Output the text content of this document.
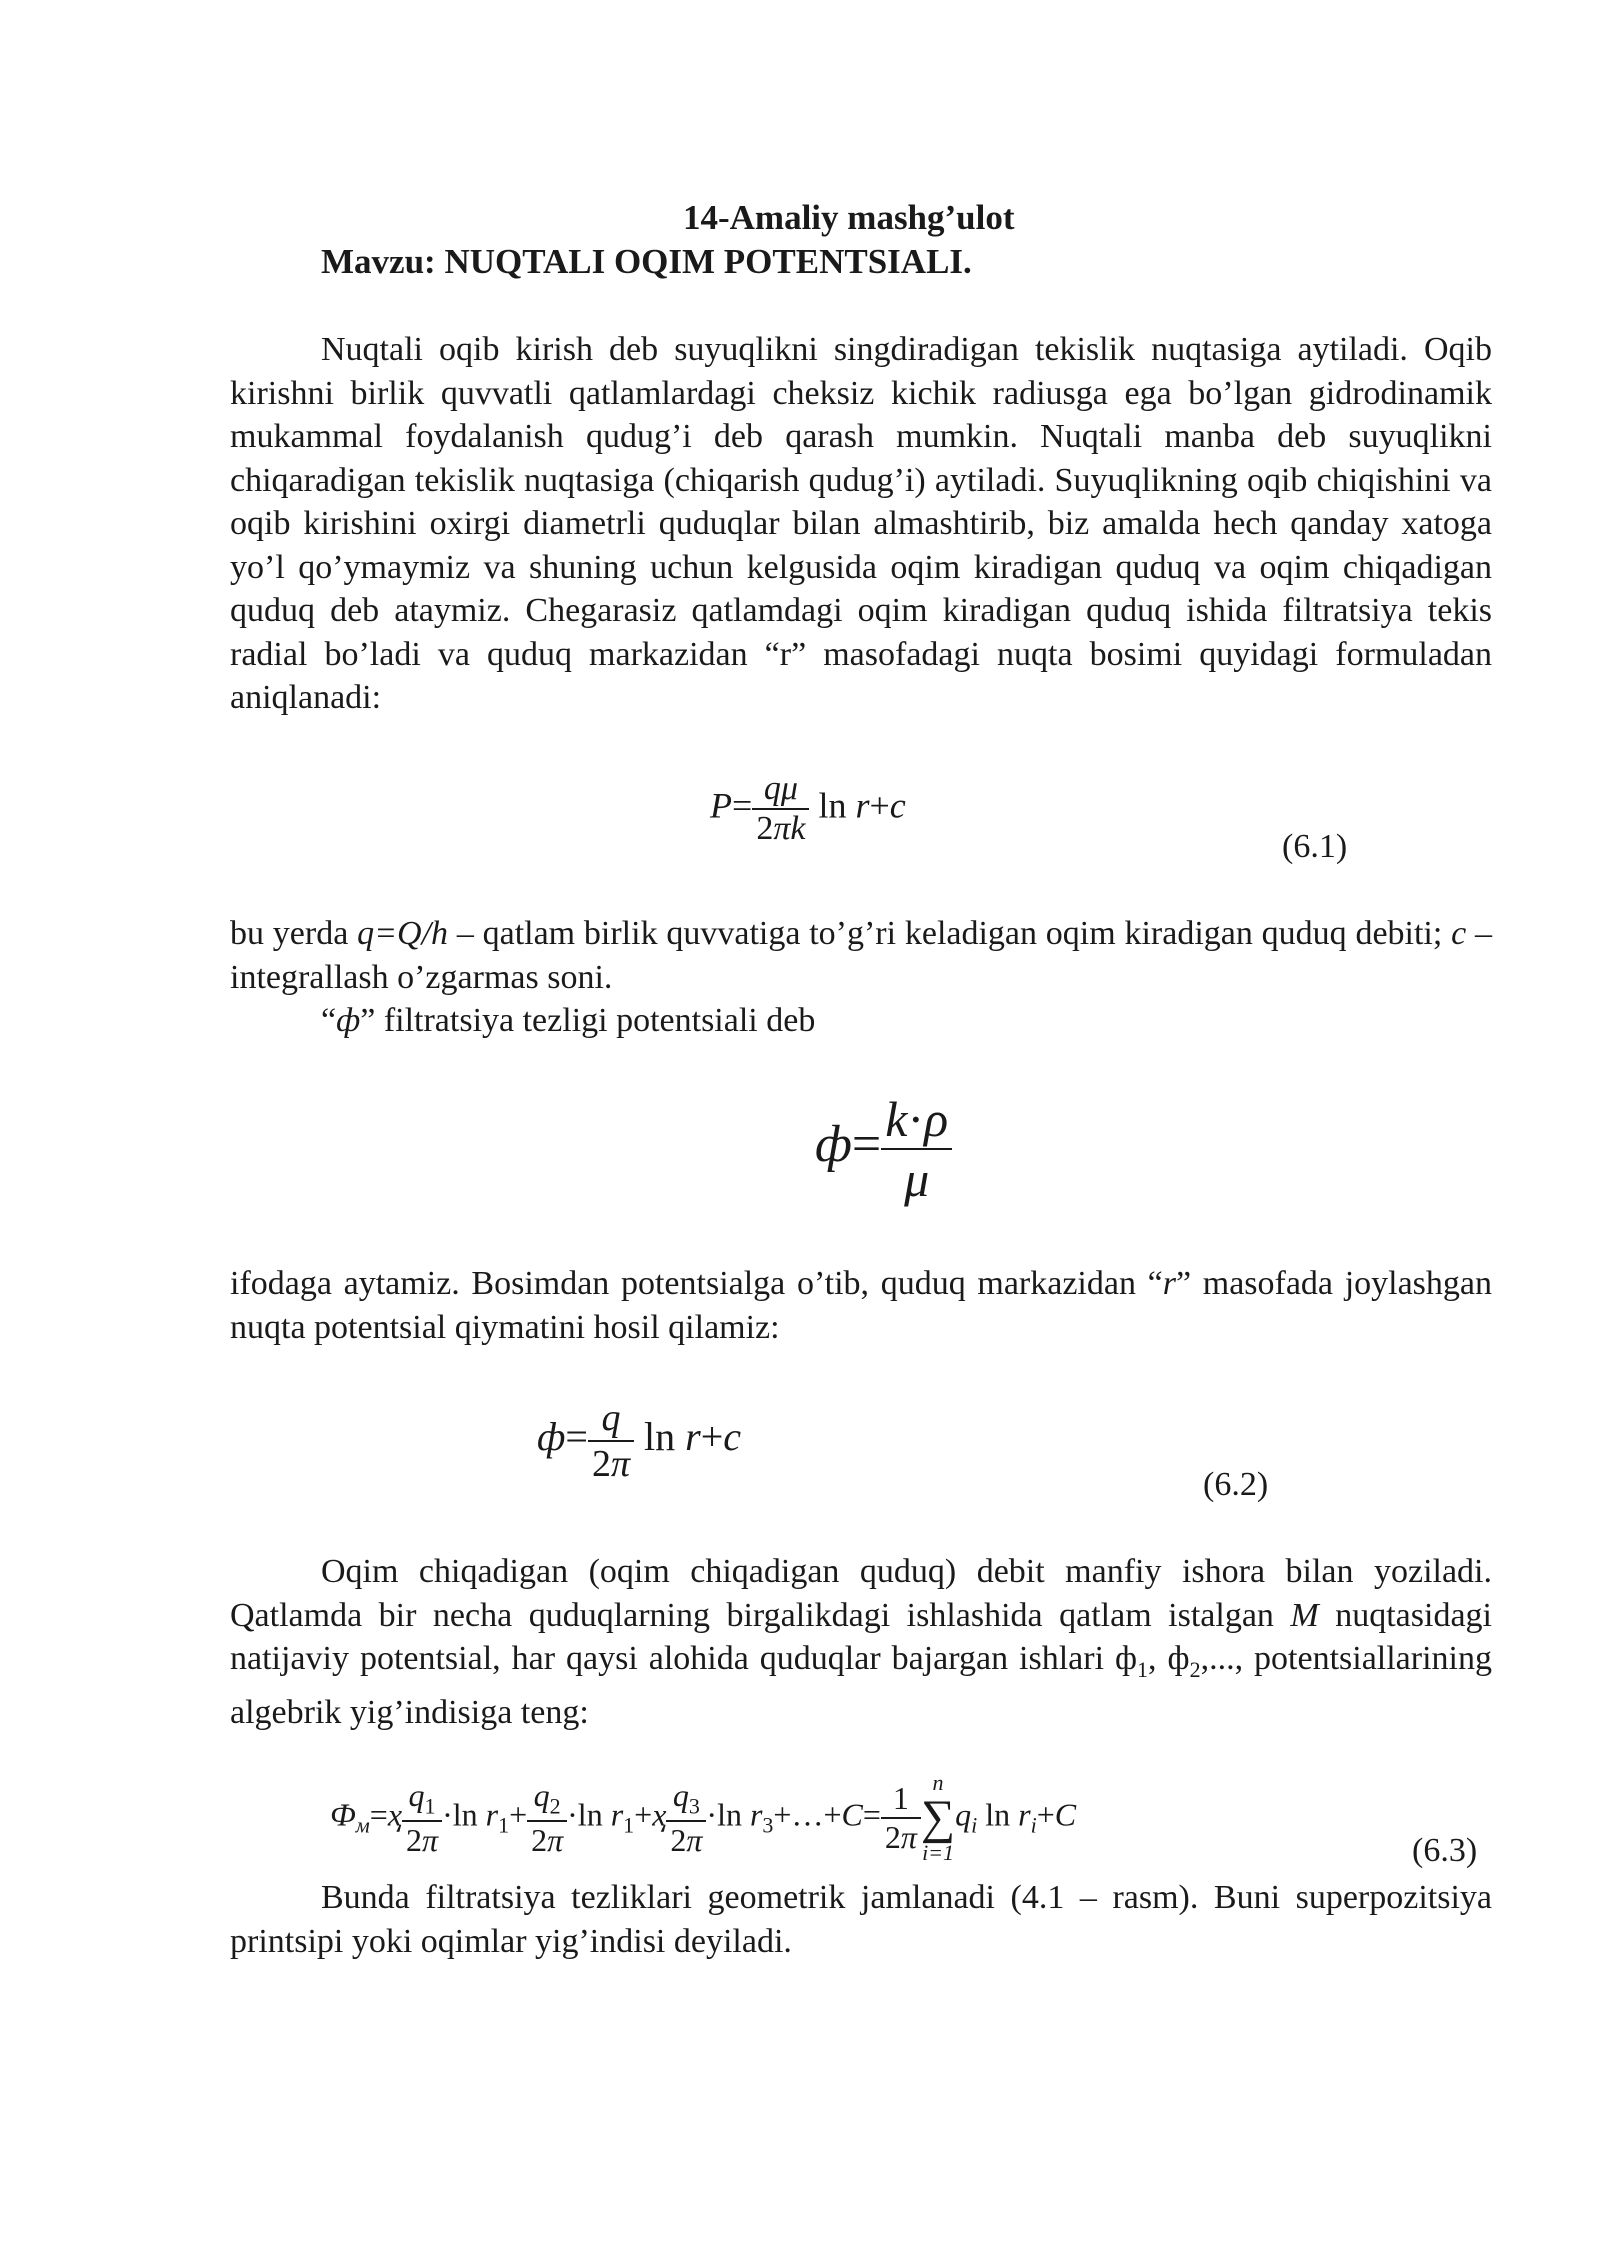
14-Amaliy mashg’ulot
Mavzu: NUQTALI OQIM POTENTSIALI.
Nuqtali oqib kirish deb suyuqlikni singdiradigan tekislik nuqtasiga aytiladi. Oqib kirishni birlik quvvatli qatlamlardagi cheksiz kichik radiusga ega bo’lgan gidrodinamik mukammal foydalanish qudug’i deb qarash mumkin. Nuqtali manba deb suyuqlikni chiqaradigan tekislik nuqtasiga (chiqarish qudug’i) aytiladi. Suyuqlikning oqib chiqishini va oqib kirishini oxirgi diametrli quduqlar bilan almashtirib, biz amalda hech qanday xatoga yo’l qo’ymaymiz va shuning uchun kelgusida oqim kiradigan quduq va oqim chiqadigan quduq deb ataymiz. Chegarasiz qatlamdagi oqim kiradigan quduq ishida filtratsiya tekis radial bo’ladi va quduq markazidan “r” masofadagi nuqta bosimi quyidagi formuladan aniqlanadi:
$P= \frac{q\mu}{2\pi k}$ ln r+c
(6.1)
bu yerda q=Q/h – qatlam birlik quvvatiga to’g’ri keladigan oqim kiradigan quduq debiti; c – integrallash o’zgarmas soni.
“ф” filtratsiya tezligi potentsiali deb
$ф= \frac{k\cdot\rho}{\mu}$
ifodaga aytamiz. Bosimdan potentsialga o’tib, quduq markazidan “r” masofada joylashgan nuqta potentsial qiymatini hosil qilamiz:
$ф= \frac{q}{2\pi}$ ln r+c
(6.2)
Oqim chiqadigan (oqim chiqadigan quduq) debit manfiy ishora bilan yoziladi. Qatlamda bir necha quduqlarning birgalikdagi ishlashida qatlam istalgan M nuqtasidagi natijaviy potentsial, har qaysi alohida quduqlar bajargan ishlari $ф_1$, $ф_2$,..., potentsiallarining algebrik yig’indisiga teng:
$Ф_м=ҳ \frac{q_1}{2\pi} \cdot\ln$ $r_1+ \frac{q_2}{2\pi} \cdot\ln$ $r_1+ҳ \frac{q_3}{2\pi} \cdot\ln$ $r_3+\dots+C= \frac{1}{2\pi}$ n
∑
i=1
$q_i$ $\ln r_i+C$
(6.3)
Bunda filtratsiya tezliklari geometrik jamlanadi (4.1 – rasm). Buni superpozitsiya printsipi yoki oqimlar yig’indisi deyiladi.
